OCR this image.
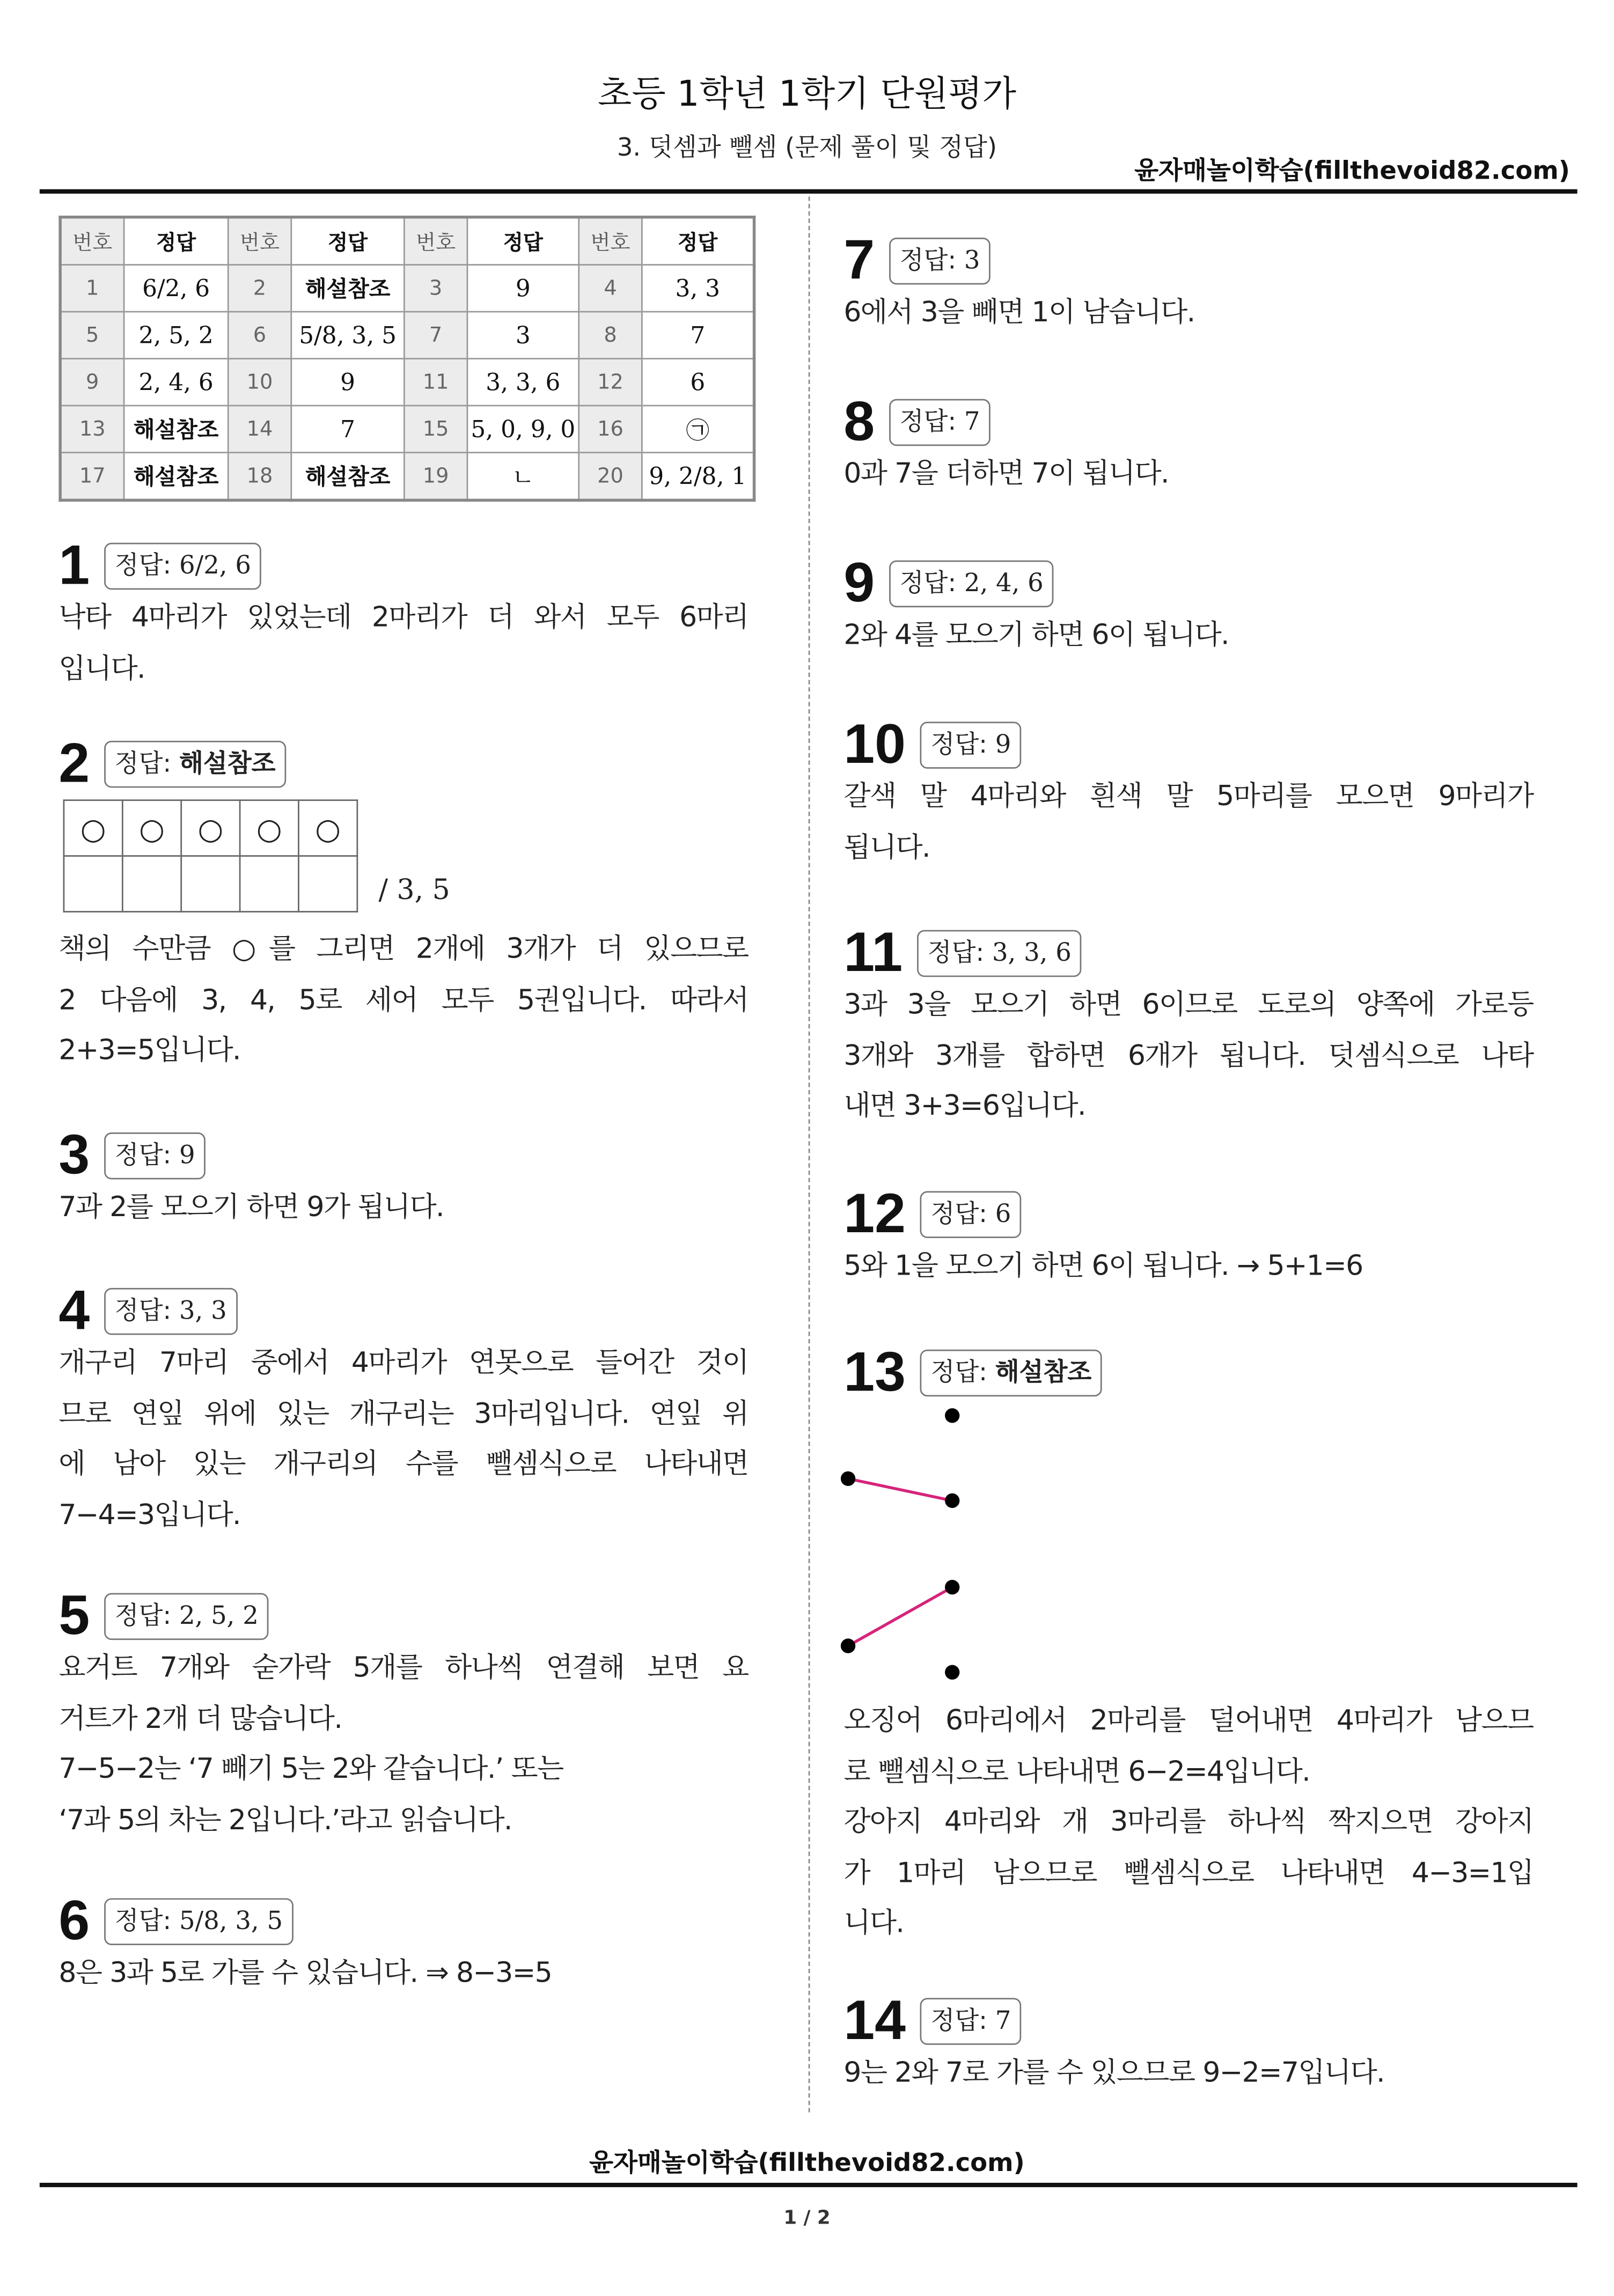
초등 1학년 1학기 단원평가
3. 덧셈과 뺄셈 (문제 풀이 및 정답)
윤자매놀이학습(fillthevoid82.com)
번호	정답	번호	정답	번호	정답	번호	정답
1	6/2, 6	2	해설참조	3	9	4	3, 3
5	2, 5, 2	6	5/8, 3, 5	7	3	8	7
9	2, 4, 6	10	9	11	3, 3, 6	12	6
13	해설참조	14	7	15	5, 0, 9, 0	16	㉠
17	해설참조	18	해설참조	19	ㄴ	20	9, 2/8, 1
1	정답: 6/2, 6
낙타 4마리가 있었는데 2마리가 더 와서 모두 6마리
입니다.
2	정답: 해설참조
○	○	○	○	○

/ 3, 5
책의 수만큼 ○를 그리면 2개에 3개가 더 있으므로
2 다음에 3, 4, 5로 세어 모두 5권입니다. 따라서
2+3=5입니다.
3	정답: 9
7과 2를 모으기 하면 9가 됩니다.
4	정답: 3, 3
개구리 7마리 중에서 4마리가 연못으로 들어간 것이
므로 연잎 위에 있는 개구리는 3마리입니다. 연잎 위
에 남아 있는 개구리의 수를 뺄셈식으로 나타내면
7−4=3입니다.
5	정답: 2, 5, 2
요거트 7개와 숟가락 5개를 하나씩 연결해 보면 요
거트가 2개 더 많습니다.
7−5−2는 ‘7 빼기 5는 2와 같습니다.’ 또는
‘7과 5의 차는 2입니다.’라고 읽습니다.
6	정답: 5/8, 3, 5
8은 3과 5로 가를 수 있습니다. ⇒ 8−3=5
7	정답: 3
6에서 3을 빼면 1이 남습니다.
8	정답: 7
0과 7을 더하면 7이 됩니다.
9	정답: 2, 4, 6
2와 4를 모으기 하면 6이 됩니다.
10	정답: 9
갈색 말 4마리와 흰색 말 5마리를 모으면 9마리가
됩니다.
11	정답: 3, 3, 6
3과 3을 모으기 하면 6이므로 도로의 양쪽에 가로등
3개와 3개를 합하면 6개가 됩니다. 덧셈식으로 나타
내면 3+3=6입니다.
12	정답: 6
5와 1을 모으기 하면 6이 됩니다. → 5+1=6
13	정답: 해설참조
오징어 6마리에서 2마리를 덜어내면 4마리가 남으므
로 뺄셈식으로 나타내면 6−2=4입니다.
강아지 4마리와 개 3마리를 하나씩 짝지으면 강아지
가 1마리 남으므로 뺄셈식으로 나타내면 4−3=1입
니다.
14	정답: 7
9는 2와 7로 가를 수 있으므로 9−2=7입니다.
윤자매놀이학습(fillthevoid82.com)
1 / 2
